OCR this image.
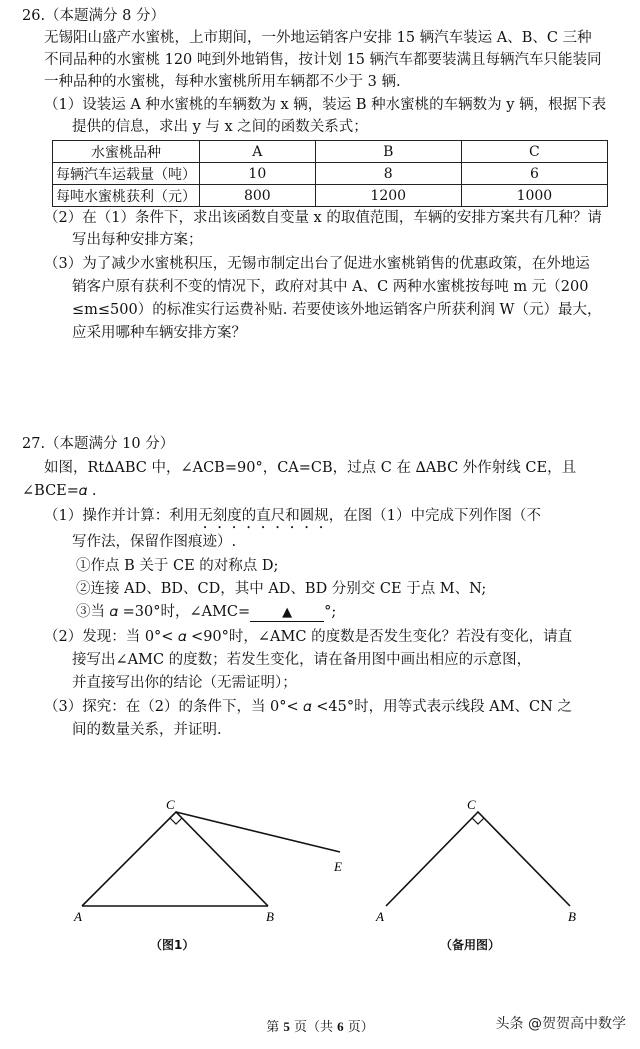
26.（本题满分 8 分）
无锡阳山盛产水蜜桃，上市期间，一外地运销客户安排 15 辆汽车装运 A、B、C 三种
不同品种的水蜜桃 120 吨到外地销售，按计划 15 辆汽车都要装满且每辆汽车只能装同
一种品种的水蜜桃，每种水蜜桃所用车辆都不少于 3 辆.
（1）设装运 A 种水蜜桃的车辆数为 x 辆，装运 B 种水蜜桃的车辆数为 y 辆，根据下表
提供的信息，求出 y 与 x 之间的函数关系式；
水蜜桃品种	A	B	C
每辆汽车运载量（吨）	10	8	6
每吨水蜜桃获利（元）	800	1200	1000
（2）在（1）条件下，求出该函数自变量 x 的取值范围，车辆的安排方案共有几种？请
写出每种安排方案；
（3）为了减少水蜜桃积压，无锡市制定出台了促进水蜜桃销售的优惠政策，在外地运
销客户原有获利不变的情况下，政府对其中 A、C 两种水蜜桃按每吨 m 元（200
≤m≤500）的标准实行运费补贴. 若要使该外地运销客户所获利润 W（元）最大，
应采用哪种车辆安排方案？
27.（本题满分 10 分）
如图，Rt∆ABC 中，∠ACB=90°，CA=CB，过点 C 在 ∆ABC 外作射线 CE，且
∠BCE=𝛼 .
（1）操作并计算：利用无刻度的直尺和圆规，在图（1）中完成下列作图（不
写作法，保留作图痕迹）.
①作点 B 关于 CE 的对称点 D;
②连接 AD、BD、CD，其中 AD、BD 分别交 CE 于点 M、N;
③当 𝛼 =30°时，∠AMC= ▲ °;
（2）发现：当 0°< 𝛼 <90°时，∠AMC 的度数是否发生变化？若没有变化，请直
接写出∠AMC 的度数；若发生变化，请在备用图中画出相应的示意图，
并直接写出你的结论（无需证明）；
（3）探究：在（2）的条件下，当 0°< 𝛼 <45°时，用等式表示线段 AM、CN 之
间的数量关系，并证明.
C
A	B
E
C
A	B
（图1）	（备用图）
第 5 页（共 6 页）	头条 @贺贺高中数学
